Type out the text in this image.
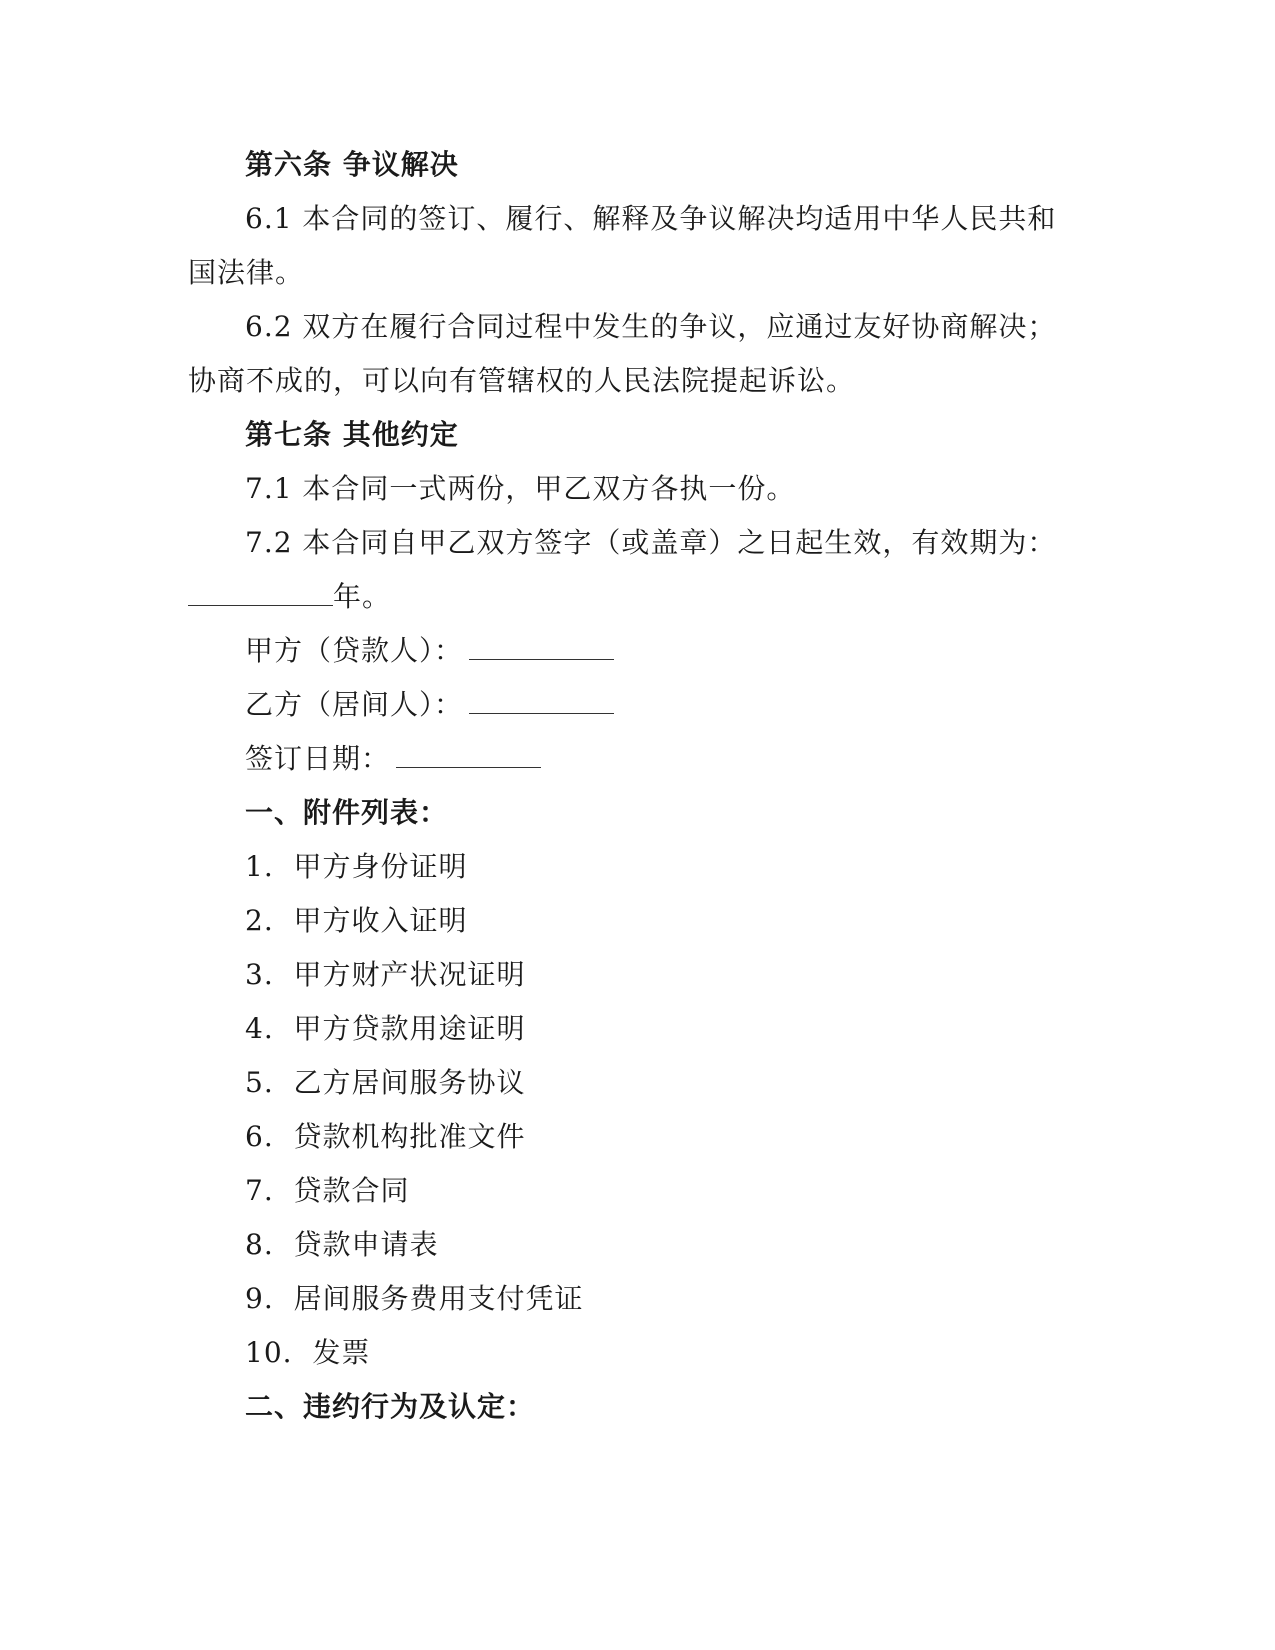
第六条 争议解决
6.1 本合同的签订、履行、解释及争议解决均适用中华人民共和
国法律。
6.2 双方在履行合同过程中发生的争议，应通过友好协商解决；
协商不成的，可以向有管辖权的人民法院提起诉讼。
第七条 其他约定
7.1 本合同一式两份，甲乙双方各执一份。
7.2 本合同自甲乙双方签字（或盖章）之日起生效，有效期为：
年。
甲方（贷款人）：
乙方（居间人）：
签订日期：
一、附件列表：
1. 甲方身份证明
2. 甲方收入证明
3. 甲方财产状况证明
4. 甲方贷款用途证明
5. 乙方居间服务协议
6. 贷款机构批准文件
7. 贷款合同
8. 贷款申请表
9. 居间服务费用支付凭证
10. 发票
二、违约行为及认定：
